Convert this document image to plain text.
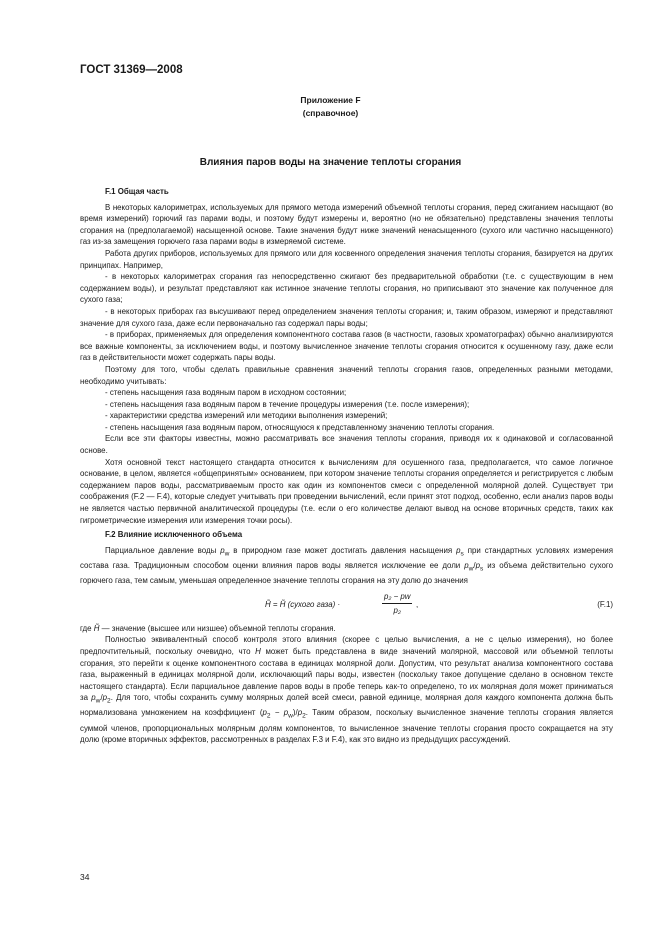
ГОСТ 31369—2008
Приложение F
(справочное)
Влияния паров воды на значение теплоты сгорания

F.1 Общая часть

В некоторых калориметрах, используемых для прямого метода измерений объемной теплоты сгорания, перед сжиганием насыщают (во время измерений) горючий газ парами воды, и поэтому будут измерены и, вероятно (но не обязательно) представлены значения теплоты сгорания на (предполагаемой) насыщенной основе. Такие значения будут ниже значений ненасыщенного (сухого или частично насыщенного) газ из-за замещения горючего газа парами воды в измеряемой системе.

Работа других приборов, используемых для прямого или для косвенного определения значения теплоты сгорания, базируется на других принципах. Например,

- в некоторых калориметрах сгорания газ непосредственно сжигают без предварительной обработки (т.е. с существующим в нем содержанием воды), и результат представляют как истинное значение теплоты сгорания, но приписывают это значение как полученное для сухого газа;

- в некоторых приборах газ высушивают перед определением значения теплоты сгорания; и, таким образом, измеряют и представляют значение для сухого газа, даже если первоначально газ содержал пары воды;

- в приборах, применяемых для определения компонентного состава газов (в частности, газовых хроматографах) обычно анализируются все важные компоненты, за исключением воды, и поэтому вычисленное значение теплоты сгорания относится к осушенному газу, даже если газ в действительности может содержать пары воды.

Поэтому для того, чтобы сделать правильные сравнения значений теплоты сгорания газов, определенных разными методами, необходимо учитывать:

- степень насыщения газа водяным паром в исходном состоянии;

- степень насыщения газа водяным паром в течение процедуры измерения (т.е. после измерения);

- характеристики средства измерений или методики выполнения измерений;

- степень насыщения газа водяным паром, относящуюся к представленному значению теплоты сгорания.

Если все эти факторы известны, можно рассматривать все значения теплоты сгорания, приводя их к одинаковой и согласованной основе.

Хотя основной текст настоящего стандарта относится к вычислениям для осушенного газа, предполагается, что самое логичное основание, в целом, является «общепринятым» основанием, при котором значение теплоты сгорания определяется и регистрируется с любым содержанием паров воды, рассматриваемым просто как один из компонентов смеси с определенной молярной долей. Существует три соображения (F.2 — F.4), которые следует учитывать при проведении вычислений, если принят этот подход, особенно, если анализ паров воды не является частью первичной аналитической процедуры (т.е. если о его количестве делают вывод на основе вторичных средств, таких как гигрометрические измерения или измерения точки росы).

F.2 Влияние исключенного объема

Парциальное давление воды $p_w$ в природном газе может достигать давления насыщения $p_s$ при стандартных условиях измерения состава газа. Традиционным способом оценки влияния паров воды является исключение ее доли $p_w/p_s$ из объема действительно сухого горючего газа, тем самым, уменьшая определенное значение теплоты сгорания на эту долю до значения

H̃ = H̃ (сухого газа) ·	$\frac{\text{p₂ − pw}}{\text{p₂}}$ ,	(F.1)

где H̃ — значение (высшее или низшее) объемной теплоты сгорания.

Полностью эквивалентный способ контроля этого влияния (скорее с целью вычисления, а не с целью измерения), но более предпочтительный, поскольку очевидно, что H может быть представлена в виде значений молярной, массовой или объемной теплоты сгорания, это перейти к оценке компонентного состава в единицах молярной доли. Допустим, что результат анализа компонентного состава газа, выраженный в единицах молярной доли, исключающий пары воды, известен (поскольку такое допущение сделано в основном тексте настоящего стандарта). Если парциальное давление паров воды в пробе теперь как-то определено, то их молярная доля может приниматься за $p_w/p_2$. Для того, чтобы сохранить сумму молярных долей всей смеси, равной единице, молярная доля каждого компонента должна быть нормализована умножением на коэффициент $(p_2 - p_w)/p_2$. Таким образом, поскольку вычисленное значение теплоты сгорания является суммой членов, пропорциональных молярным долям компонентов, то вычисленное значение теплоты сгорания просто сокращается на эту долю (кроме вторичных эффектов, рассмотренных в разделах F.3 и F.4), как это видно из предыдущих рассуждений.

34
